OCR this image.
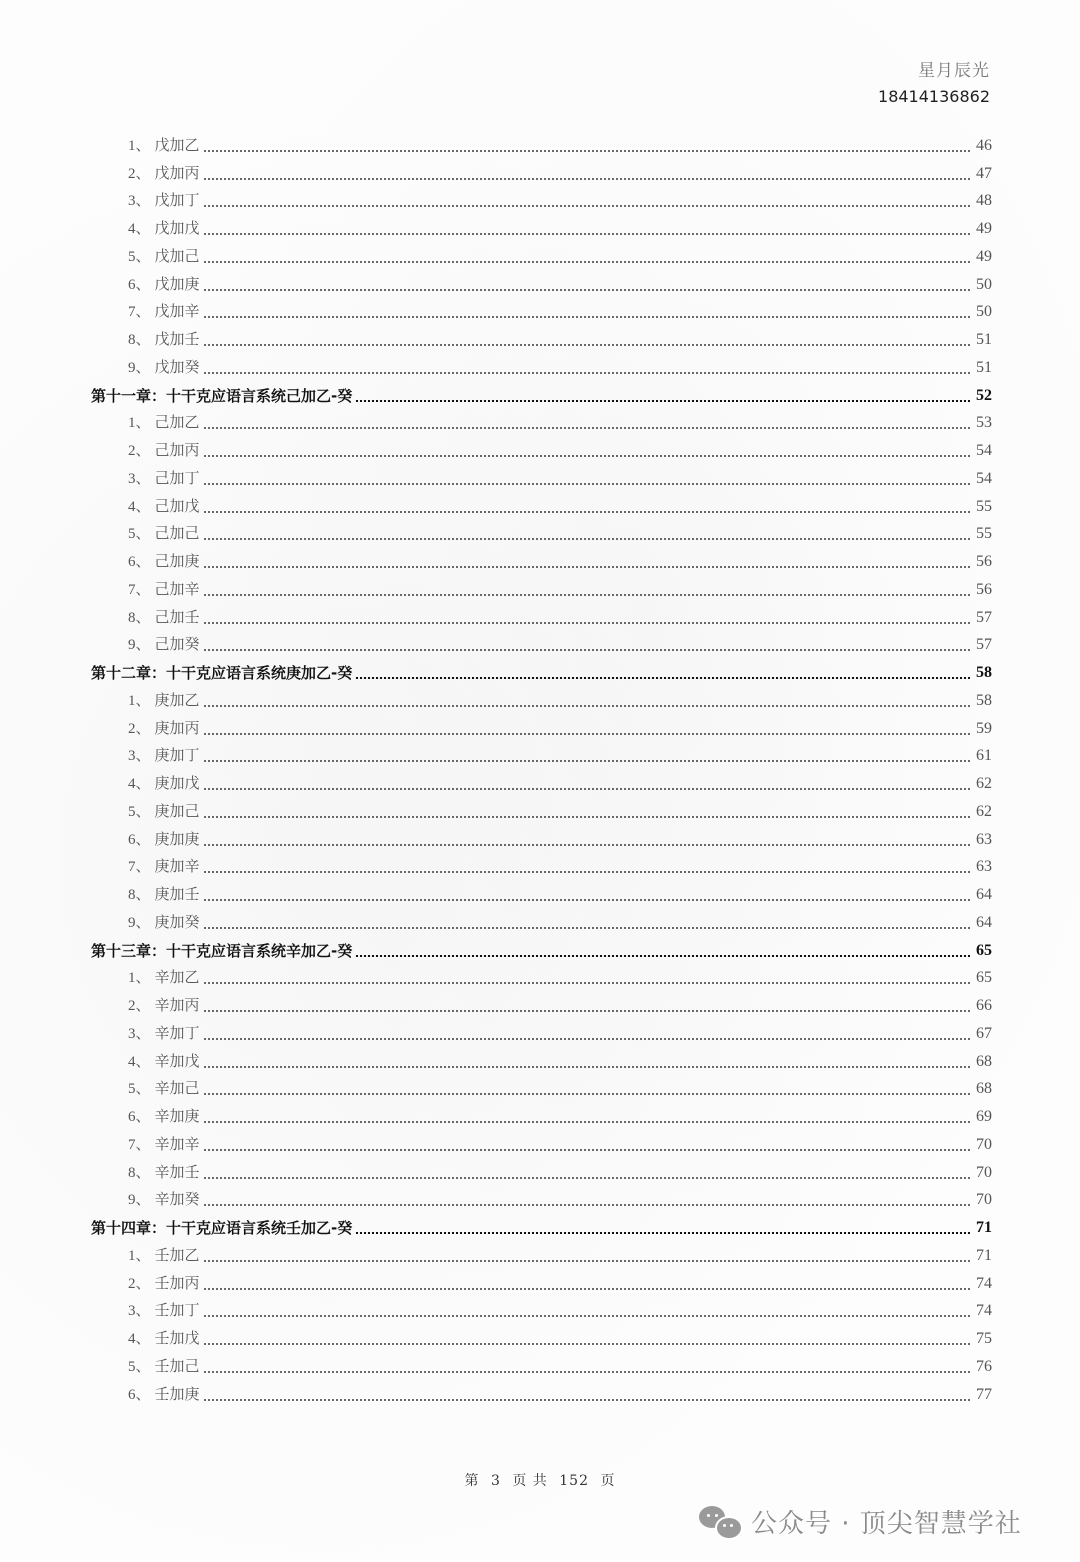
星月辰光
18414136862
1、 戊加乙	46
2、 戊加丙	47
3、 戊加丁	48
4、 戊加戊	49
5、 戊加己	49
6、 戊加庚	50
7、 戊加辛	50
8、 戊加壬	51
9、 戊加癸	51
第十一章：十干克应语言系统己加乙-癸	52
1、 己加乙	53
2、 己加丙	54
3、 己加丁	54
4、 己加戊	55
5、 己加己	55
6、 己加庚	56
7、 己加辛	56
8、 己加壬	57
9、 己加癸	57
第十二章：十干克应语言系统庚加乙-癸	58
1、 庚加乙	58
2、 庚加丙	59
3、 庚加丁	61
4、 庚加戊	62
5、 庚加己	62
6、 庚加庚	63
7、 庚加辛	63
8、 庚加壬	64
9、 庚加癸	64
第十三章：十干克应语言系统辛加乙-癸	65
1、 辛加乙	65
2、 辛加丙	66
3、 辛加丁	67
4、 辛加戊	68
5、 辛加己	68
6、 辛加庚	69
7、 辛加辛	70
8、 辛加壬	70
9、 辛加癸	70
第十四章：十干克应语言系统壬加乙-癸	71
1、 壬加乙	71
2、 壬加丙	74
3、 壬加丁	74
4、 壬加戊	75
5、 壬加己	76
6、 壬加庚	77
第 3 页 共 152 页
公众号 · 顶尖智慧学社
